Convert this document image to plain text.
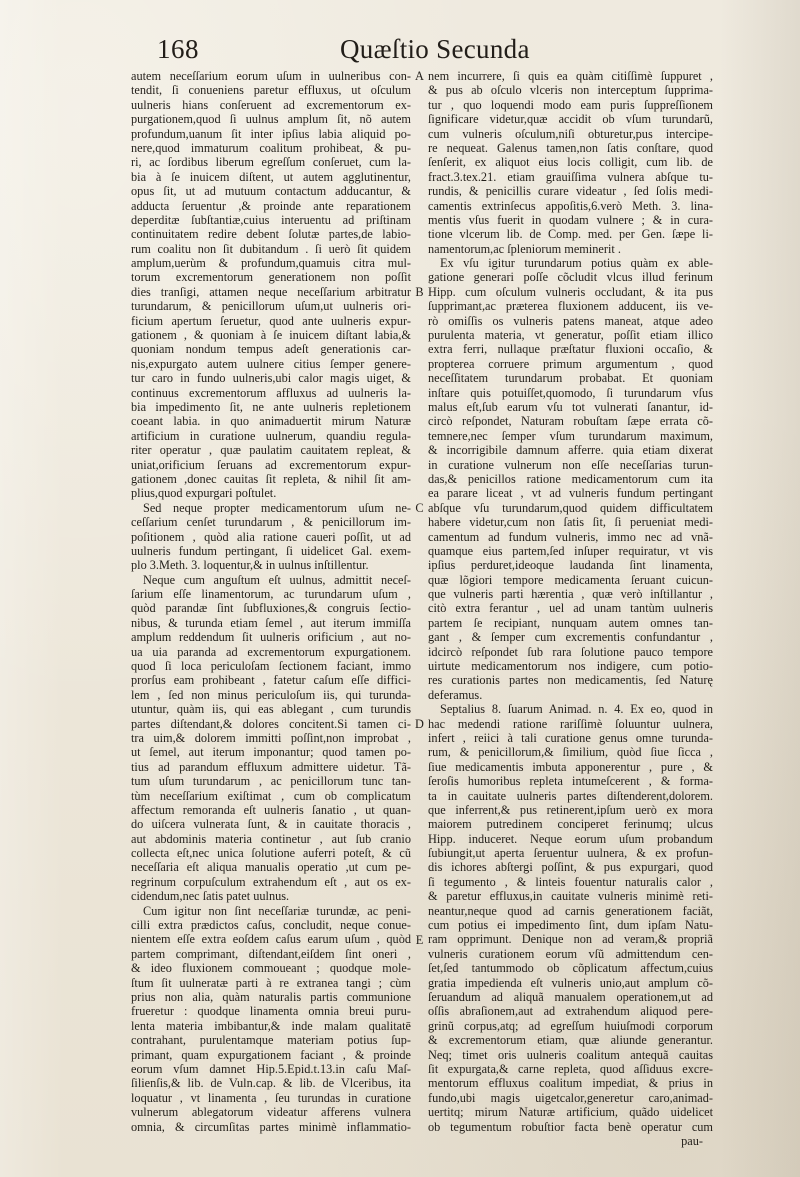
168	Quæſtio Secunda
autem neceſſarium eorum uſum in uulneribus con-
tendit, ſi conueniens paretur effluxus, ut oſculum
uulneris hians conſeruent ad excrementorum ex-
purgationem,quod ſi uulnus amplum ſit, nõ autem
profundum,uanum ſit inter ipſius labia aliquid po-
nere,quod immaturum coalitum prohibeat, & pu-
ri, ac ſordibus liberum egreſſum conſeruet, cum la-
bia à ſe inuicem diſtent, ut autem agglutinentur,
opus ſit, ut ad mutuum contactum adducantur, &
adducta ſeruentur ,& proinde ante reparationem
deperditæ ſubſtantiæ,cuius interuentu ad priſtinam
continuitatem redire debent ſolutæ partes,de labio-
rum coalitu non ſit dubitandum . ſi uerò ſit quidem
amplum,uerùm & profundum,quamuis citra mul-
torum excrementorum generationem non poſſit
dies tranſigi, attamen neque neceſſarium arbitratur
turundarum, & penicillorum uſum,ut uulneris ori-
ficium apertum ſeruetur, quod ante uulneris expur-
gationem , & quoniam à ſe inuicem diſtant labia,&
quoniam nondum tempus adeſt generationis car-
nis,expurgato autem uulnere citius ſemper genere-
tur caro in fundo uulneris,ubi calor magis uiget, &
continuus excrementorum affluxus ad uulneris la-
bia impedimento ſit, ne ante uulneris repletionem
coeant labia. in quo animaduertit mirum Naturæ
artificium in curatione uulnerum, quandiu regula-
riter operatur , quæ paulatim cauitatem repleat, &
uniat,orificium ſeruans ad excrementorum expur-
gationem ,donec cauitas ſit repleta, & nihil ſit am-
plius,quod expurgari poſtulet.
Sed neque propter medicamentorum uſum ne-
ceſſarium cenſet turundarum , & penicillorum im-
poſitionem , quòd alia ratione caueri poſſit, ut ad
uulneris fundum pertingant, ſi uidelicet Gal. exem-
plo 3.Meth. 3. loquentur,& in uulnus inſtillentur.
Neque cum anguſtum eſt uulnus, admittit neceſ-
ſarium eſſe linamentorum, ac turundarum uſum ,
quòd parandæ ſint ſubfluxiones,& congruis ſectio-
nibus, & turunda etiam ſemel , aut iterum immiſſa
amplum reddendum ſit uulneris orificium , aut no-
ua uia paranda ad excrementorum expurgationem.
quod ſi loca periculoſam ſectionem faciant, immo
prorſus eam prohibeant , fatetur caſum eſſe diffici-
lem , ſed non minus periculoſum iis, qui turunda-
utuntur, quàm iis, qui eas ablegant , cum turundis
partes diſtendant,& dolores concitent.Si tamen ci-
tra uim,& dolorem immitti poſſint,non improbat ,
ut ſemel, aut iterum imponantur; quod tamen po-
tius ad parandum effluxum admittere uidetur. Tã-
tum uſum turundarum , ac penicillorum tunc tan-
tùm neceſſarium exiſtimat , cum ob complicatum
affectum remoranda eſt uulneris ſanatio , ut quan-
do uiſcera vulnerata ſunt, & in cauitate thoracis ,
aut abdominis materia continetur , aut ſub cranio
collecta eſt,nec unica ſolutione auferri poteſt, & cũ
neceſſaria eſt aliqua manualis operatio ,ut cum pe-
regrinum corpuſculum extrahendum eſt , aut os ex-
cidendum,nec ſatis patet uulnus.
Cum igitur non ſint neceſſariæ turundæ, ac peni-
cilli extra prædictos caſus, concludit, neque conue-
nientem eſſe extra eoſdem caſus earum uſum , quòd
partem comprimant, diſtendant,eiſdem ſint oneri ,
& ideo fluxionem commoueant ; quodque mole-
ſtum ſit uulneratæ parti à re extranea tangi ; cùm
prius non alia, quàm naturalis partis communione
frueretur : quodque linamenta omnia breui puru-
lenta materia imbibantur,& inde malam qualitatē
contrahant, purulentamque materiam potius ſup-
primant, quam expurgationem faciant , & proinde
eorum vſum damnet Hip.5.Epid.t.13.in caſu Maſ-
ſilienſis,& lib. de Vuln.cap. & lib. de Vlceribus, ita
loquatur , vt linamenta , ſeu turundas in curatione
vulnerum ablegatorum videatur afferens vulnera
omnia, & circumſitas partes minimè inflammatio-
nem incurrere, ſi quis ea quàm citiſſimè ſuppuret ,
& pus ab oſculo vlceris non interceptum ſupprima-
tur , quo loquendi modo eam puris ſuppreſſionem
ſignificare videtur,quæ accidit ob vſum turundarũ,
cum vulneris oſculum,niſi obturetur,pus intercipe-
re nequeat. Galenus tamen,non ſatis conſtare, quod
ſenſerit, ex aliquot eius locis colligit, cum lib. de
fract.3.tex.21. etiam grauiſſima vulnera abſque tu-
rundis, & penicillis curare videatur , ſed ſolis medi-
camentis extrinſecus appoſitis,6.verò Meth. 3. lina-
mentis vſus fuerit in quodam vulnere ; & in cura-
tione vlcerum lib. de Comp. med. per Gen. ſæpe li-
namentorum,ac ſpleniorum meminerit .
Ex vſu igitur turundarum potius quàm ex able-
gatione generari poſſe cõcludit vlcus illud ferinum
Hipp. cum oſculum vulneris occludant, & ita pus
ſupprimant,ac præterea fluxionem adducent, iis ve-
rò omiſſis os vulneris patens maneat, atque adeo
purulenta materia, vt generatur, poſſit etiam illico
extra ferri, nullaque præſtatur fluxioni occaſio, &
propterea corruere primum argumentum , quod
neceſſitatem turundarum probabat. Et quoniam
inſtare quis potuiſſet,quomodo, ſi turundarum vſus
malus eſt,ſub earum vſu tot vulnerati ſanantur, id-
circò reſpondet, Naturam robuſtam ſæpe errata cõ-
temnere,nec ſemper vſum turundarum maximum,
& incorrigibile damnum afferre. quia etiam dixerat
in curatione vulnerum non eſſe neceſſarias turun-
das,& penicillos ratione medicamentorum cum ita
ea parare liceat , vt ad vulneris fundum pertingant
abſque vſu turundarum,quod quidem difficultatem
habere videtur,cum non ſatis ſit, ſi perueniat medi-
camentum ad fundum vulneris, immo nec ad vnã-
quamque eius partem,ſed inſuper requiratur, vt vis
ipſius perduret,ideoque laudanda ſint linamenta,
quæ lõgiori tempore medicamenta ſeruant cuicun-
que vulneris parti hærentia , quæ verò inſtillantur ,
citò extra ferantur , uel ad unam tantùm uulneris
partem ſe recipiant, nunquam autem omnes tan-
gant , & ſemper cum excrementis confundantur ,
idcircò reſpondet ſub rara ſolutione pauco tempore
uirtute medicamentorum nos indigere, cum potio-
res curationis partes non medicamentis, ſed Naturę
deferamus.
Septalius 8. ſuarum Animad. n. 4. Ex eo, quod in
hac medendi ratione rariſſimè ſoluuntur uulnera,
infert , reiici à tali curatione genus omne turunda-
rum, & penicillorum,& ſimilium, quòd ſiue ſicca ,
ſiue medicamentis imbuta apponerentur , pure , &
ſeroſis humoribus repleta intumeſcerent , & forma-
ta in cauitate uulneris partes diſtenderent,dolorem.
que inferrent,& pus retinerent,ipſum uerò ex mora
maiorem putredinem conciperet ferinumq; ulcus
Hipp. induceret. Neque eorum uſum probandum
ſubiungit,ut aperta ſeruentur uulnera, & ex profun-
dis ichores abſtergi poſſint, & pus expurgari, quod
ſi tegumento , & linteis fouentur naturalis calor ,
& paretur effluxus,in cauitate vulneris minimè reti-
neantur,neque quod ad carnis generationem faciãt,
cum potius ei impedimento ſint, dum ipſam Natu-
ram opprimunt. Denique non ad veram,& propriã
vulneris curationem eorum vſũ admittendum cen-
ſet,ſed tantummodo ob cõplicatum affectum,cuius
gratia impedienda eſt vulneris unio,aut amplum cõ-
ſeruandum ad aliquã manualem operationem,ut ad
oſſis abraſionem,aut ad extrahendum aliquod pere-
grinũ corpus,atq; ad egreſſum huiuſmodi corporum
& excrementorum etiam, quæ aliunde generantur.
Neq; timet oris uulneris coalitum antequã cauitas
ſit expurgata,& carne repleta, quod aſſiduus excre-
mentorum effluxus coalitum impediat, & prius in
fundo,ubi magis uigetcalor,generetur caro,animad-
uertitq; mirum Naturæ artificium, quãdo uidelicet
ob tegumentum robuſtior facta benè operatur cum
A
B
C
D
E
pau-
